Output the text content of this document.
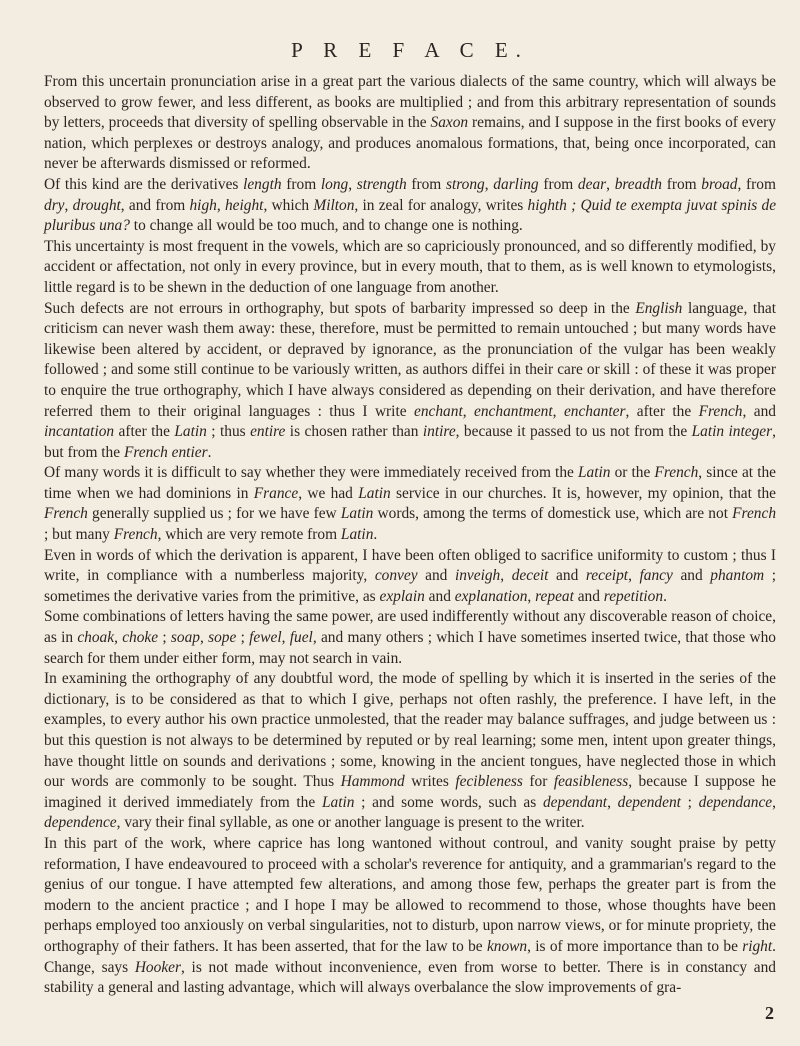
P R E F A C E.

From this uncertain pronunciation arise in a great part the various dialects of the same country, which will always be observed to grow fewer, and less different, as books are multiplied ; and from this arbitrary representation of sounds by letters, proceeds that diversity of spelling observable in the Saxon remains, and I suppose in the first books of every nation, which perplexes or destroys analogy, and produces anomalous formations, that, being once incorporated, can never be afterwards dismissed or reformed.

Of this kind are the derivatives length from long, strength from strong, darling from dear, breadth from broad, from dry, drought, and from high, height, which Milton, in zeal for analogy, writes highth ; Quid te exempta juvat spinis de pluribus una? to change all would be too much, and to change one is nothing.

This uncertainty is most frequent in the vowels, which are so capriciously pronounced, and so differently modified, by accident or affectation, not only in every province, but in every mouth, that to them, as is well known to etymologists, little regard is to be shewn in the deduction of one language from another.

Such defects are not errours in orthography, but spots of barbarity impressed so deep in the English language, that criticism can never wash them away: these, therefore, must be permitted to remain untouched ; but many words have likewise been altered by accident, or depraved by ignorance, as the pronunciation of the vulgar has been weakly followed ; and some still continue to be variously written, as authors diffei in their care or skill : of these it was proper to enquire the true orthography, which I have always considered as depending on their derivation, and have therefore referred them to their original languages : thus I write enchant, enchantment, enchanter, after the French, and incantation after the Latin ; thus entire is chosen rather than intire, because it passed to us not from the Latin integer, but from the French entier.

Of many words it is difficult to say whether they were immediately received from the Latin or the French, since at the time when we had dominions in France, we had Latin service in our churches. It is, however, my opinion, that the French generally supplied us ; for we have few Latin words, among the terms of domestick use, which are not French ; but many French, which are very remote from Latin.

Even in words of which the derivation is apparent, I have been often obliged to sacrifice uniformity to custom ; thus I write, in compliance with a numberless majority, convey and inveigh, deceit and receipt, fancy and phantom ; sometimes the derivative varies from the primitive, as explain and explanation, repeat and repetition.

Some combinations of letters having the same power, are used indifferently without any discoverable reason of choice, as in choak, choke ; soap, sope ; fewel, fuel, and many others ; which I have sometimes inserted twice, that those who search for them under either form, may not search in vain.

In examining the orthography of any doubtful word, the mode of spelling by which it is inserted in the series of the dictionary, is to be considered as that to which I give, perhaps not often rashly, the preference. I have left, in the examples, to every author his own practice unmolested, that the reader may balance suffrages, and judge between us : but this question is not always to be determined by reputed or by real learning; some men, intent upon greater things, have thought little on sounds and derivations ; some, knowing in the ancient tongues, have neglected those in which our words are commonly to be sought. Thus Hammond writes fecibleness for feasibleness, because I suppose he imagined it derived immediately from the Latin ; and some words, such as dependant, dependent ; dependance, dependence, vary their final syllable, as one or another language is present to the writer.

In this part of the work, where caprice has long wantoned without controul, and vanity sought praise by petty reformation, I have endeavoured to proceed with a scholar's reverence for antiquity, and a grammarian's regard to the genius of our tongue. I have attempted few alterations, and among those few, perhaps the greater part is from the modern to the ancient practice ; and I hope I may be allowed to recommend to those, whose thoughts have been perhaps employed too anxiously on verbal singularities, not to disturb, upon narrow views, or for minute propriety, the orthography of their fathers. It has been asserted, that for the law to be known, is of more importance than to be right. Change, says Hooker, is not made without inconvenience, even from worse to better. There is in constancy and stability a general and lasting advantage, which will always overbalance the slow improvements of gra-

2
